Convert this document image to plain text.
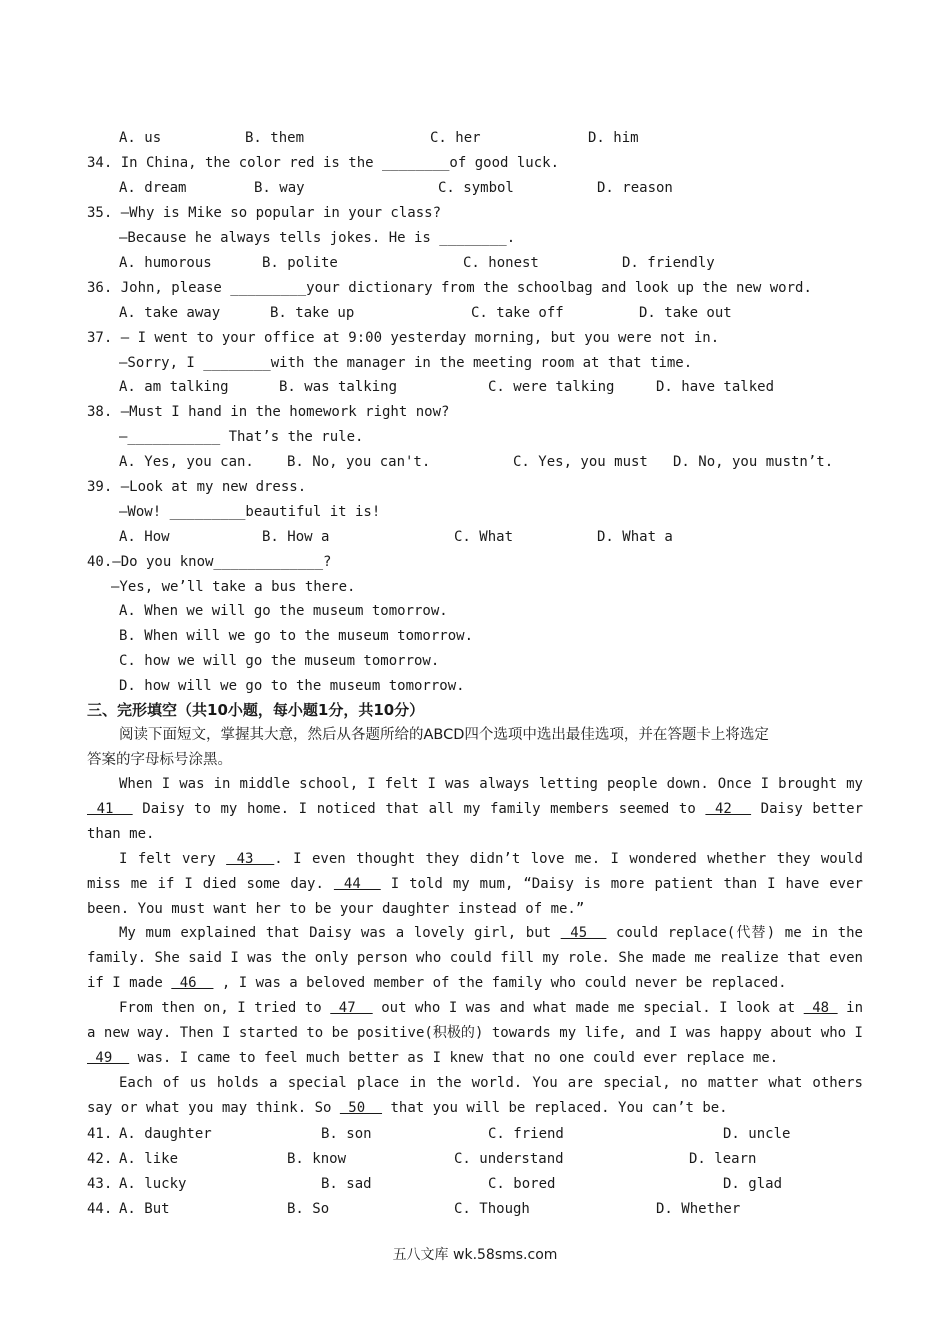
A. us	B. them	C. her	D. him
34. In China, the color red is the ________of good luck.
A. dream	B. way	C. symbol	D. reason
35. —Why is Mike so popular in your class?
—Because he always tells jokes. He is ________.
A. humorous	B. polite	C. honest	D. friendly
36. John, please _________your dictionary from the schoolbag and look up the new word.
A. take away	B. take up	C. take off	D. take out
37. — I went to your office at 9:00 yesterday morning, but you were not in.
—Sorry, I ________with the manager in the meeting room at that time.
A. am talking	B. was talking	C. were talking	D. have talked
38. —Must I hand in the homework right now?
—___________ That’s the rule.
A. Yes, you can. B. No, you can't.	C. Yes, you must D. No, you mustn’t.
39. —Look at my new dress.
—Wow! _________beautiful it is!
A. How	B. How a	C. What	D. What a
40.—Do you know_____________?
—Yes, we’ll take a bus there.
A. When we will go the museum tomorrow.
B. When will we go to the museum tomorrow.
C. how we will go the museum tomorrow.
D. how will we go to the museum tomorrow.
三、完形填空（共10小题，每小题1分，共10分）
阅读下面短文，掌握其大意，然后从各题所给的ABCD四个选项中选出最佳选项，并在答题卡上将选定
答案的字母标号涂黑。

When I was in middle school, I felt I was always letting people down. Once I brought my  41   Daisy to my home. I noticed that all my family members seemed to  42   Daisy better than me.

I felt very  43  . I even thought they didn’t love me. I wondered whether they would miss me if I died some day.  44   I told my mum, “Daisy is more patient than I have ever been. You must want her to be your daughter instead of me.”

My mum explained that Daisy was a lovely girl, but  45   could replace(代替) me in the family. She said I was the only person who could fill my role. She made me realize that even if I made  46   , I was a beloved member of the family who could never be replaced.

From then on, I tried to  47   out who I was and what made me special. I look at  48  in a new way. Then I started to be positive(积极的) towards my life, and I was happy about who I  49   was. I came to feel much better as I knew that no one could ever replace me.

Each of us holds a special place in the world. You are special, no matter what others say or what you may think. So  50   that you will be replaced. You can’t be.

41. A. daughter	B. son	C. friend	D. uncle
42. A. like	B. know	C. understand	D. learn
43. A. lucky	B. sad	C. bored	D. glad
44. A. But	B. So	C. Though	D. Whether
五八文库 wk.58sms.com
